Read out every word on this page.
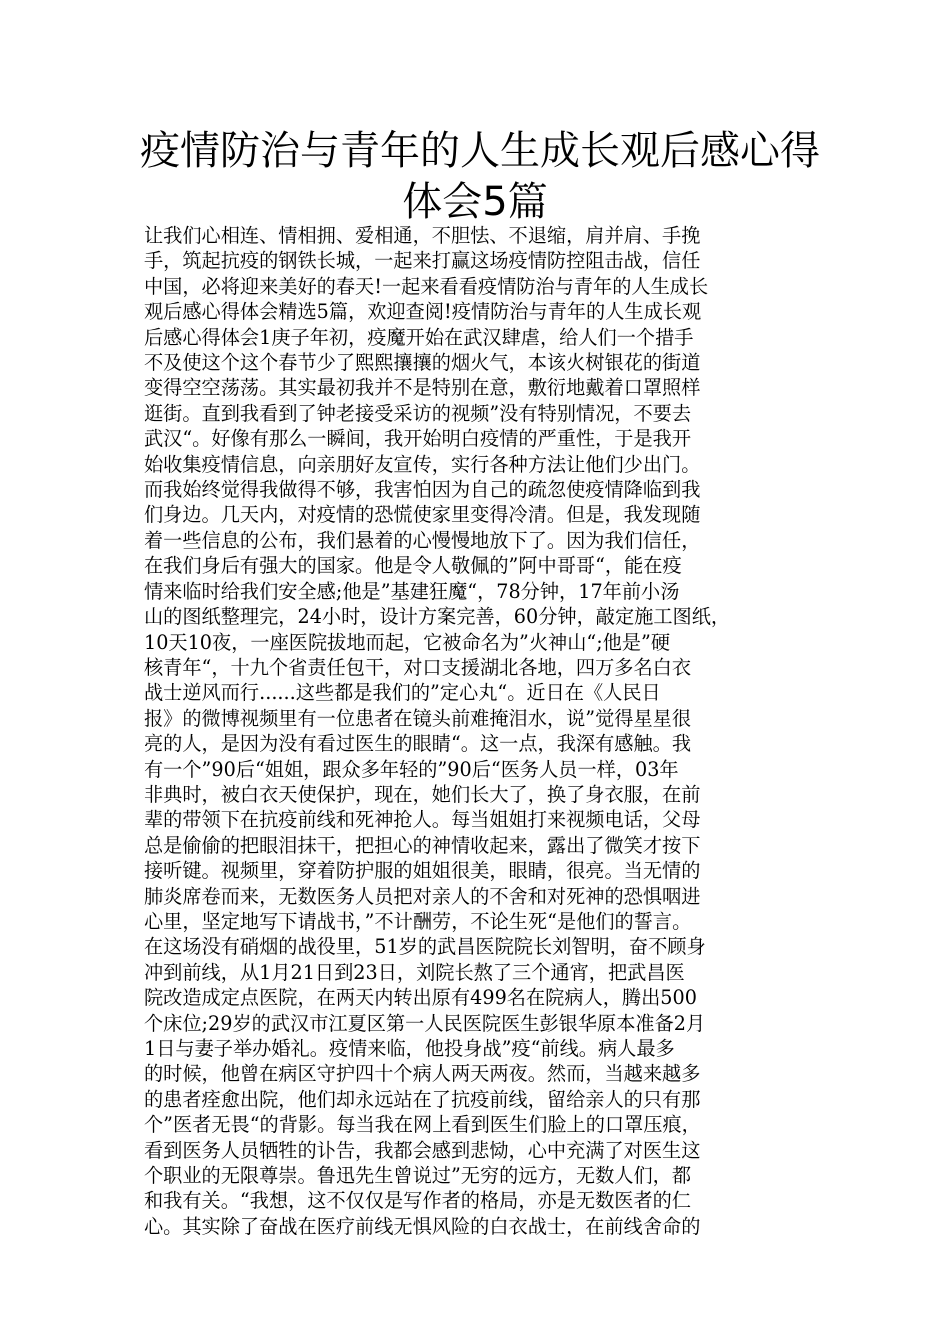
疫情防治与青年的人生成长观后感心得
体会5篇
让我们心相连、情相拥、爱相通，不胆怯、不退缩，肩并肩、手挽
手，筑起抗疫的钢铁长城，一起来打赢这场疫情防控阻击战，信任
中国，必将迎来美好的春天!一起来看看疫情防治与青年的人生成长
观后感心得体会精选5篇，欢迎查阅!疫情防治与青年的人生成长观
后感心得体会1庚子年初，疫魔开始在武汉肆虐，给人们一个措手
不及使这个这个春节少了熙熙攘攘的烟火气，本该火树银花的街道
变得空空荡荡。其实最初我并不是特别在意，敷衍地戴着口罩照样
逛街。直到我看到了钟老接受采访的视频”没有特别情况，不要去
武汉“。好像有那么一瞬间，我开始明白疫情的严重性，于是我开
始收集疫情信息，向亲朋好友宣传，实行各种方法让他们少出门。
而我始终觉得我做得不够，我害怕因为自己的疏忽使疫情降临到我
们身边。几天内，对疫情的恐慌使家里变得冷清。但是，我发现随
着一些信息的公布，我们悬着的心慢慢地放下了。因为我们信任，
在我们身后有强大的国家。他是令人敬佩的”阿中哥哥“，能在疫
情来临时给我们安全感;他是”基建狂魔“，78分钟，17年前小汤
山的图纸整理完，24小时，设计方案完善，60分钟，敲定施工图纸，
10天10夜，一座医院拔地而起，它被命名为”火神山“;他是”硬
核青年“，十九个省责任包干，对口支援湖北各地，四万多名白衣
战士逆风而行......这些都是我们的”定心丸“。近日在《人民日
报》的微博视频里有一位患者在镜头前难掩泪水，说”觉得星星很
亮的人，是因为没有看过医生的眼睛“。这一点，我深有感触。我
有一个”90后“姐姐，跟众多年轻的”90后“医务人员一样，03年
非典时，被白衣天使保护，现在，她们长大了，换了身衣服，在前
辈的带领下在抗疫前线和死神抢人。每当姐姐打来视频电话，父母
总是偷偷的把眼泪抹干，把担心的神情收起来，露出了微笑才按下
接听键。视频里，穿着防护服的姐姐很美，眼睛，很亮。当无情的
肺炎席卷而来，无数医务人员把对亲人的不舍和对死神的恐惧咽进
心里，坚定地写下请战书，”不计酬劳，不论生死“是他们的誓言。
在这场没有硝烟的战役里，51岁的武昌医院院长刘智明，奋不顾身
冲到前线，从1月21日到23日，刘院长熬了三个通宵，把武昌医
院改造成定点医院，在两天内转出原有499名在院病人，腾出500
个床位;29岁的武汉市江夏区第一人民医院医生彭银华原本准备2月
1日与妻子举办婚礼。疫情来临，他投身战”疫“前线。病人最多
的时候，他曾在病区守护四十个病人两天两夜。然而，当越来越多
的患者痊愈出院，他们却永远站在了抗疫前线，留给亲人的只有那
个”医者无畏“的背影。每当我在网上看到医生们脸上的口罩压痕，
看到医务人员牺牲的讣告，我都会感到悲恸，心中充满了对医生这
个职业的无限尊崇。鲁迅先生曾说过”无穷的远方，无数人们，都
和我有关。“我想，这不仅仅是写作者的格局，亦是无数医者的仁
心。其实除了奋战在医疗前线无惧风险的白衣战士，在前线舍命的
